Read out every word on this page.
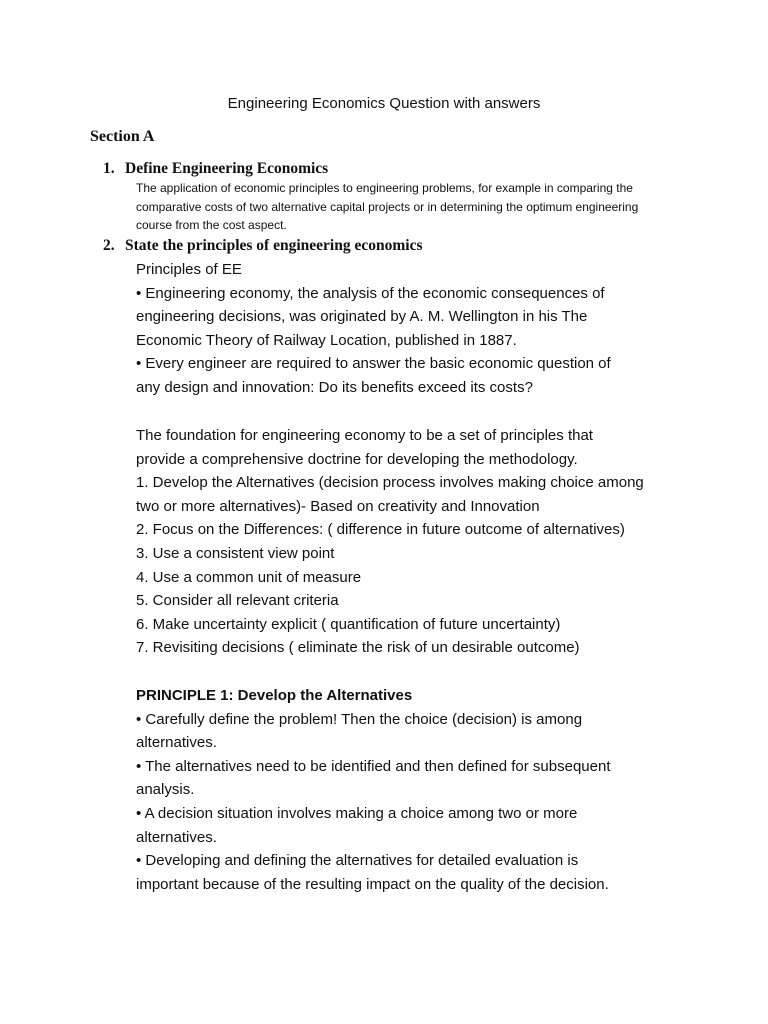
Engineering Economics Question with answers
Section A
1. Define Engineering Economics

The application of economic principles to engineering problems, for example in comparing the

comparative costs of two alternative capital projects or in determining the optimum engineering

course from the cost aspect.

2. State the principles of engineering economics

Principles of EE

• Engineering economy, the analysis of the economic consequences of

engineering decisions, was originated by A. M. Wellington in his The

Economic Theory of Railway Location, published in 1887.

• Every engineer are required to answer the basic economic question of

any design and innovation: Do its benefits exceed its costs?

The foundation for engineering economy to be a set of principles that

provide a comprehensive doctrine for developing the methodology.

1. Develop the Alternatives (decision process involves making choice among

two or more alternatives)- Based on creativity and Innovation

2. Focus on the Differences: ( difference in future outcome of alternatives)

3. Use a consistent view point

4. Use a common unit of measure

5. Consider all relevant criteria

6. Make uncertainty explicit ( quantification of future uncertainty)

7. Revisiting decisions ( eliminate the risk of un desirable outcome)

PRINCIPLE 1: Develop the Alternatives

• Carefully define the problem! Then the choice (decision) is among

alternatives.

• The alternatives need to be identified and then defined for subsequent

analysis.

• A decision situation involves making a choice among two or more

alternatives.

• Developing and defining the alternatives for detailed evaluation is

important because of the resulting impact on the quality of the decision.
